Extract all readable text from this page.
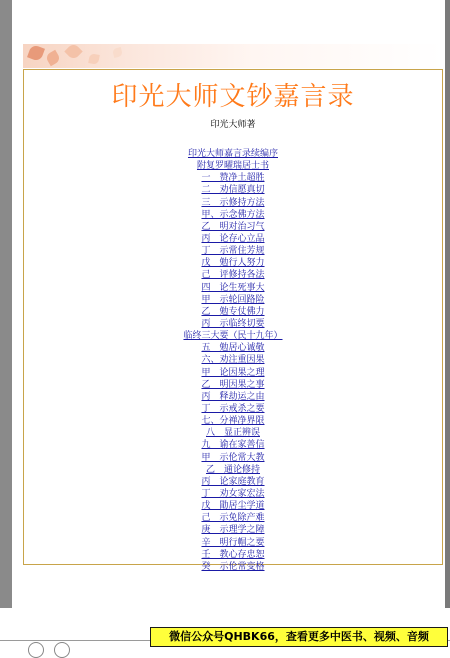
印光大师文钞嘉言录
印光大师著
印光大师嘉言录续编序
附复罗曜瑞居士书
一　赞净土超胜
二　劝信愿真切
三　示修持方法
甲、示念佛方法
乙　明对治习气
丙　论存心立品
丁　示常住芳规
戊　勉行人努力
己　评修持各法
四　论生死事大
甲　示轮回路险
乙　勉专仗佛力
丙　示临终切要
临终三大要（民十九年）
五　勉居心诚敬
六、劝注重因果
甲　论因果之理
乙　明因果之事
丙　释劫运之由
丁　示戒杀之要
七、分禅净界限
八　显正辨误
九　谕在家善信
甲　示伦常大教
乙　通论修持
丙　论家庭教育
丁　劝女家宏法
戊　勖居尘学道
己　示免除产难
庚　示理学之障
辛　明行帽之要
壬　教心存忠恕
癸　示伦常变格
微信公众号QHBK66，查看更多中医书、视频、音频
